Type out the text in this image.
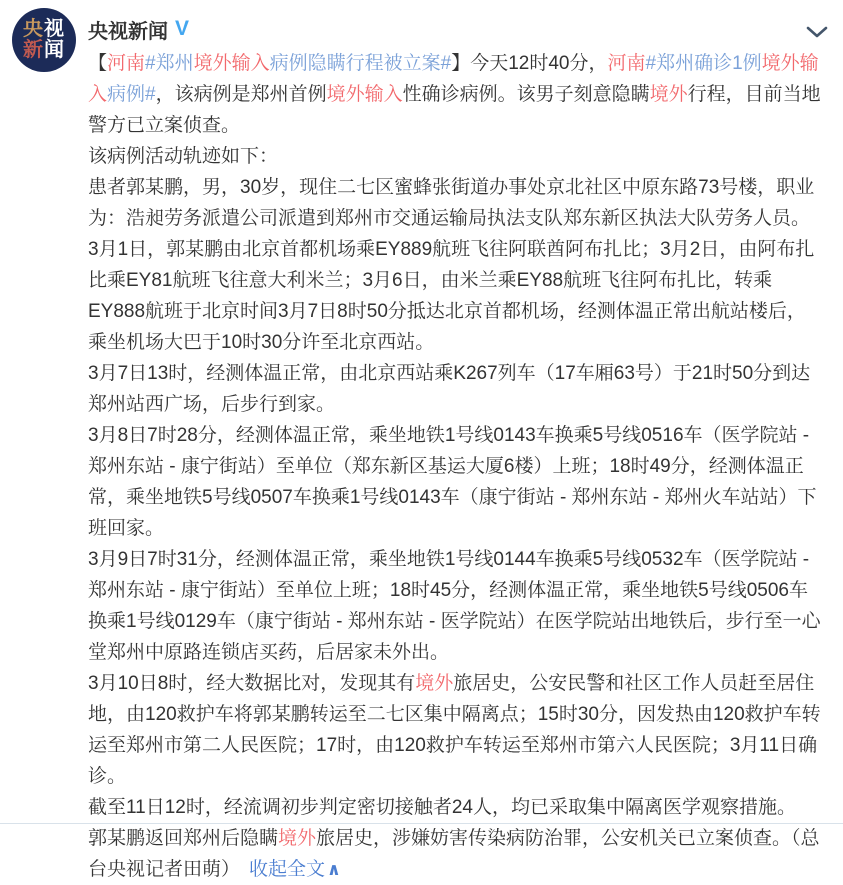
央视
新闻
央视新闻 V

【河南#郑州境外输入病例隐瞒行程被立案#】今天12时40分，河南#郑州确诊1例境外输入病例#，该病例是郑州首例境外输入性确诊病例。该男子刻意隐瞒境外行程，目前当地警方已立案侦查。

该病例活动轨迹如下：

患者郭某鹏，男，30岁，现住二七区蜜蜂张街道办事处京北社区中原东路73号楼，职业为：浩昶劳务派遣公司派遣到郑州市交通运输局执法支队郑东新区执法大队劳务人员。

3月1日，郭某鹏由北京首都机场乘EY889航班飞往阿联酋阿布扎比；3月2日，由阿布扎比乘EY81航班飞往意大利米兰；3月6日，由米兰乘EY88航班飞往阿布扎比，转乘EY888航班于北京时间3月7日8时50分抵达北京首都机场，经测体温正常出航站楼后，乘坐机场大巴于10时30分许至北京西站。

3月7日13时，经测体温正常，由北京西站乘K267列车（17车厢63号）于21时50分到达郑州站西广场，后步行到家。

3月8日7时28分，经测体温正常，乘坐地铁1号线0143车换乘5号线0516车（医学院站 - 郑州东站 - 康宁街站）至单位（郑东新区基运大厦6楼）上班；18时49分，经测体温正常，乘坐地铁5号线0507车换乘1号线0143车（康宁街站 - 郑州东站 - 郑州火车站站）下班回家。

3月9日7时31分，经测体温正常，乘坐地铁1号线0144车换乘5号线0532车（医学院站 - 郑州东站 - 康宁街站）至单位上班；18时45分，经测体温正常，乘坐地铁5号线0506车换乘1号线0129车（康宁街站 - 郑州东站 - 医学院站）在医学院站出地铁后，步行至一心堂郑州中原路连锁店买药，后居家未外出。

3月10日8时，经大数据比对，发现其有境外旅居史，公安民警和社区工作人员赶至居住地，由120救护车将郭某鹏转运至二七区集中隔离点；15时30分，因发热由120救护车转运至郑州市第二人民医院；17时，由120救护车转运至郑州市第六人民医院；3月11日确诊。

截至11日12时，经流调初步判定密切接触者24人，均已采取集中隔离医学观察措施。

郭某鹏返回郑州后隐瞒境外旅居史，涉嫌妨害传染病防治罪，公安机关已立案侦查。（总台央视记者田萌） 收起全文 ∧
